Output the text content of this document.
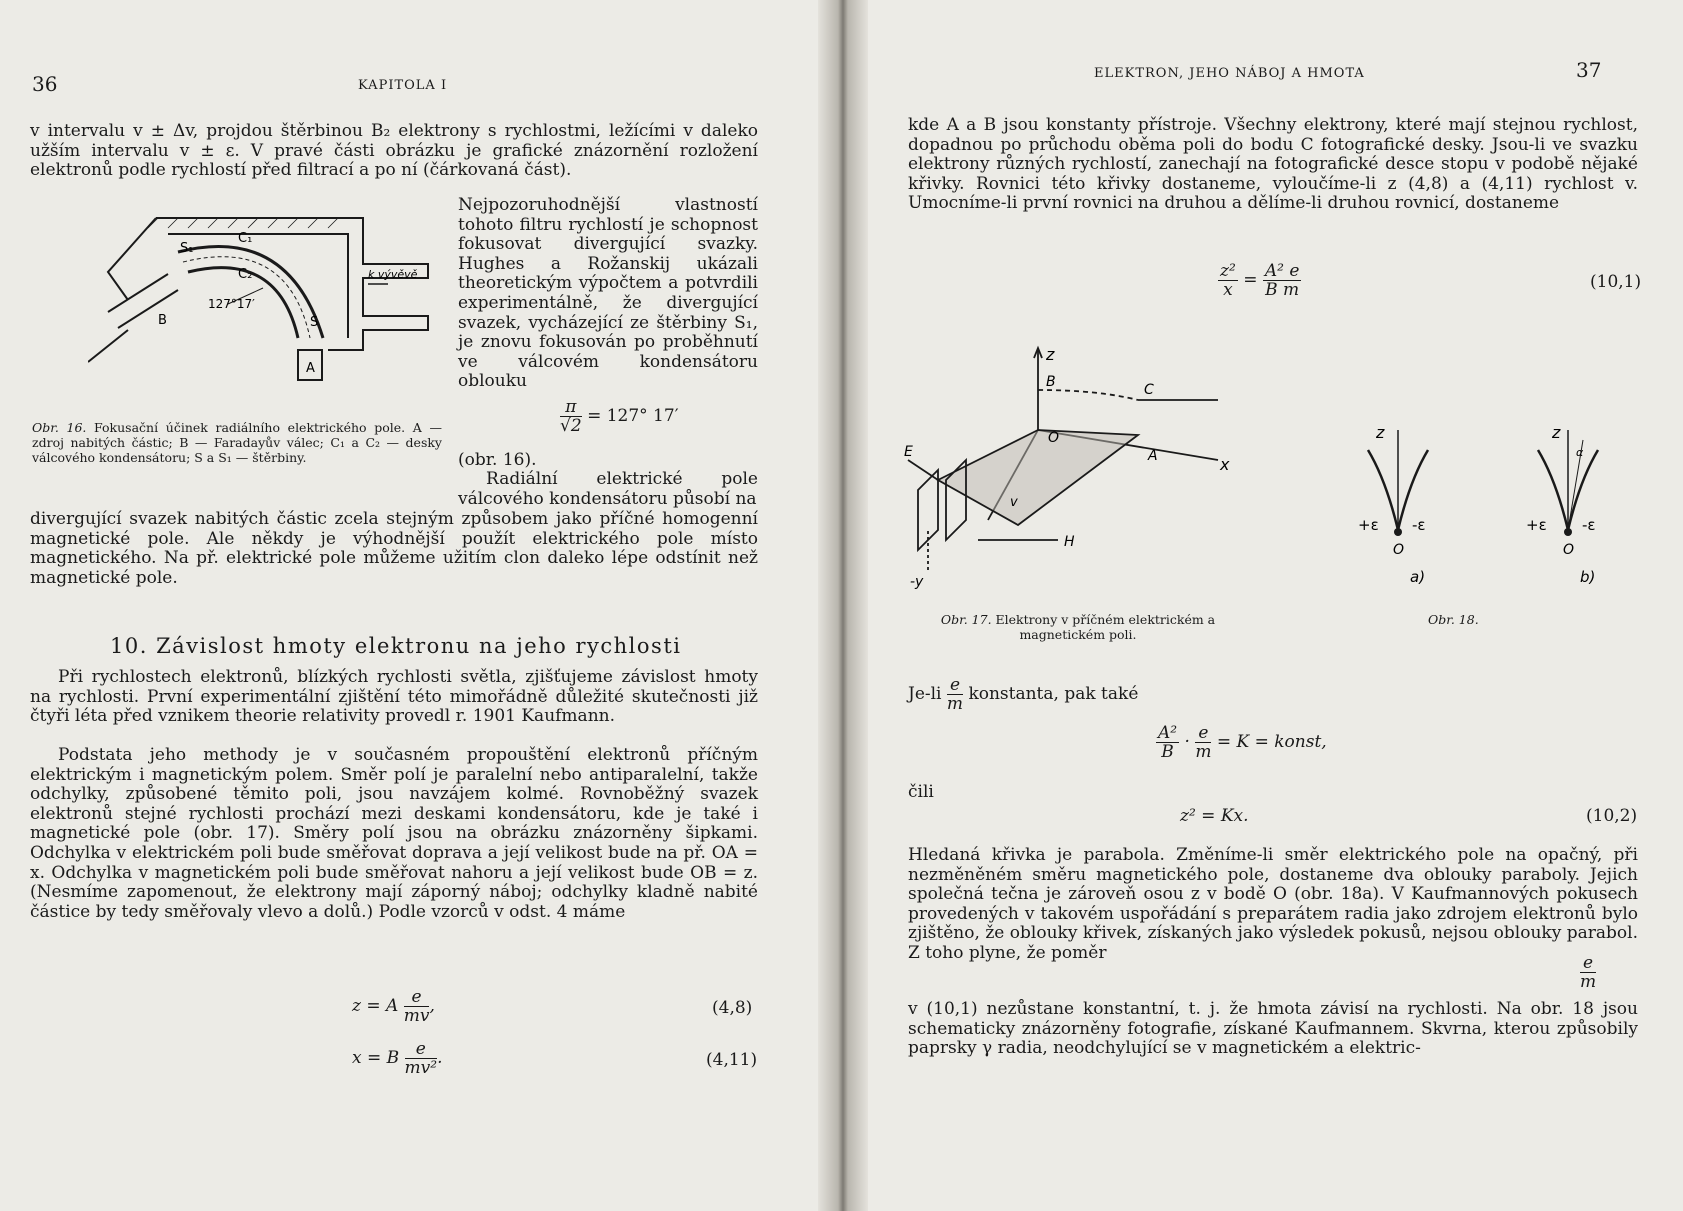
36	KAPITOLA I

v intervalu v ± Δv, projdou štěrbinou B₂ elektrony s rychlostmi, ležícími v daleko užším intervalu v ± ε. V pravé části obrázku je grafické znázornění rozložení elektronů podle rychlostí před filtrací a po ní (čárkovaná část).

Nejpozoruhodnější vlastností tohoto filtru rychlostí je schopnost fokusovat divergující svazky. Hughes a Rožanskij ukázali theoretickým výpočtem a potvrdili experimentálně, že divergující svazek, vycházející ze štěrbiny S₁, je znovu fokusován po proběhnutí ve válcovém kondensátoru oblouku

$\frac{\pi}{√2} = 127^\circ$ 17′
(obr. 16).

Radiální elektrické pole válcového kondensátoru působí na

divergující svazek nabitých částic zcela stejným způsobem jako příčné homogenní magnetické pole. Ale někdy je výhodnější použít elektrického pole místo magnetického. Na př. elektrické pole můžeme užitím clon daleko lépe odstínit než magnetické pole.

C₁
C₂
S₁
S
B
A
127°17′
k vývěvě

Obr. 16. Fokusační účinek radiálního elektrického pole. A — zdroj nabitých částic; B — Faradayův válec; C₁ a C₂ — desky válcového kondensátoru; S a S₁ — štěrbiny.

10. Závislost hmoty elektronu na jeho rychlosti

Při rychlostech elektronů, blízkých rychlosti světla, zjišťujeme závislost hmoty na rychlosti. První experimentální zjištění této mimořádně důležité skutečnosti již čtyři léta před vznikem theorie relativity provedl r. 1901 Kaufmann.

Podstata jeho methody je v současném propouštění elektronů příčným elektrickým i magnetickým polem. Směr polí je paralelní nebo antiparalelní, takže odchylky, způsobené těmito poli, jsou navzájem kolmé. Rovnoběžný svazek elektronů stejné rychlosti prochází mezi deskami kondensátoru, kde je také i magnetické pole (obr. 17). Směry polí jsou na obrázku znázorněny šipkami. Odchylka v elektrickém poli bude směřovat doprava a její velikost bude na př. OA = x. Odchylka v magnetickém poli bude směřovat nahoru a její velikost bude OB = z. (Nesmíme zapomenout, že elektrony mají záporný náboj; odchylky kladně nabité částice by tedy směřovaly vlevo a dolů.) Podle vzorců v odst. 4 máme

z = A $\frac{e}{mv}$ ,	(4,8)
x = B $\frac{e}{\text{mv²}}$ .	(4,11)
ELEKTRON, JEHO NÁBOJ A HMOTA	37

kde A a B jsou konstanty přístroje. Všechny elektrony, které mají stejnou rychlost, dopadnou po průchodu oběma poli do bodu C fotografické desky. Jsou-li ve svazku elektrony různých rychlostí, zanechají na fotografické desce stopu v podobě nějaké křivky. Rovnici této křivky dostaneme, vyloučíme-li z (4,8) a (4,11) rychlost v. Umocníme-li první rovnici na druhou a dělíme-li druhou rovnicí, dostaneme

$\frac{\text{z²}}{x} = \frac{\text{A² e}}{\text{B m}}$	(10,1)
z
x
-y
B	C
O
A
E
H
v

Obr. 17. Elektrony v příčném elektrickém a magnetickém poli.

z	z
α
+ε -ε	+ε -ε
O	O
a)	b)

Obr. 18.

$Je-li \frac{e}{m}$ konstanta, pak také
$\frac{\text{A²}}{B} \cdot \frac{e}{m} = K$ = konst,
čili
z² = Kx.	(10,2)

Hledaná křivka je parabola. Změníme-li směr elektrického pole na opačný, při nezměněném směru magnetického pole, dostaneme dva oblouky paraboly. Jejich společná tečna je zároveň osou z v bodě O (obr. 18a). V Kaufmannových pokusech provedených v takovém uspořádání s preparátem radia jako zdrojem elektronů bylo zjištěno, že oblouky křivek, získaných jako výsledek pokusů, nejsou oblouky parabol. Z toho plyne, že poměr

$\frac{e}{m}$

v (10,1) nezůstane konstantní, t. j. že hmota závisí na rychlosti. Na obr. 18 jsou schematicky znázorněny fotografie, získané Kaufmannem. Skvrna, kterou způsobily paprsky γ radia, neodchylující se v magnetickém a elektric-
